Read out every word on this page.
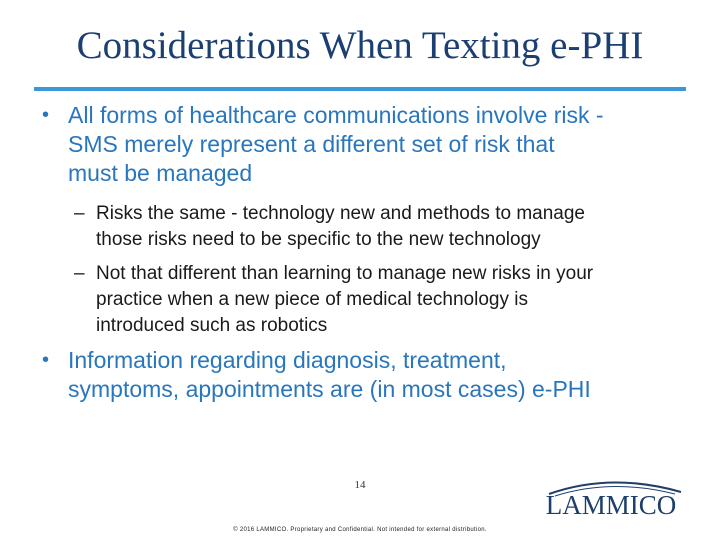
Considerations When Texting e-PHI
• All forms of healthcare communications involve risk -
SMS merely represent a different set of risk that
must be managed
– Risks the same - technology new and methods to manage
those risks need to be specific to the new technology
– Not that different than learning to manage new risks in your
practice when a new piece of medical technology is
introduced such as robotics
• Information regarding diagnosis, treatment,
symptoms, appointments are (in most cases) e-PHI
14
LAMMICO
© 2016 LAMMICO. Proprietary and Confidential. Not intended for external distribution.
